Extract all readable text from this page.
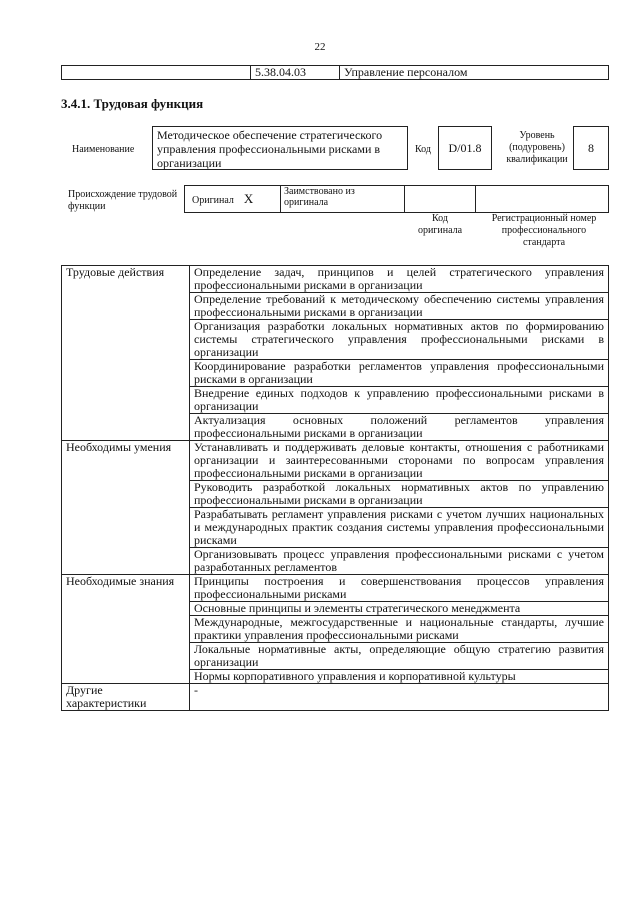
22
	5.38.04.03	Управление персоналом
3.4.1. Трудовая функция
Наименование
Методическое обеспечение стратегического управления профессиональными рисками в организации
Код	D/01.8
Уровень (подуровень) квалификации
8
Происхождение трудовой функции
Оригинал X	Заимствовано из оригинала		
Код оригинала
Регистрационный номер профессионального стандарта
Трудовые действия	Определение задач, принципов и целей стратегического управления профессиональными рисками в организации
	Определение требований к методическому обеспечению системы управления профессиональными рисками в организации
	Организация разработки локальных нормативных актов по формированию системы стратегического управления профессиональными рисками в организации
	Координирование разработки регламентов управления профессиональными рисками в организации
	Внедрение единых подходов к управлению профессиональными рисками в организации
	Актуализация основных положений регламентов управления профессиональными рисками в организации
Необходимы умения	Устанавливать и поддерживать деловые контакты, отношения с работниками организации и заинтересованными сторонами по вопросам управления профессиональными рисками в организации
	Руководить разработкой локальных нормативных актов по управлению профессиональными рисками в организации
	Разрабатывать регламент управления рисками с учетом лучших национальных и международных практик создания системы управления профессиональными рисками
	Организовывать процесс управления профессиональными рисками с учетом разработанных регламентов
Необходимые знания	Принципы построения и совершенствования процессов управления профессиональными рисками
	Основные принципы и элементы стратегического менеджмента
	Международные, межгосударственные и национальные стандарты, лучшие практики управления профессиональными рисками
	Локальные нормативные акты, определяющие общую стратегию развития организации
	Нормы корпоративного управления и корпоративной культуры
Другие характеристики	-
